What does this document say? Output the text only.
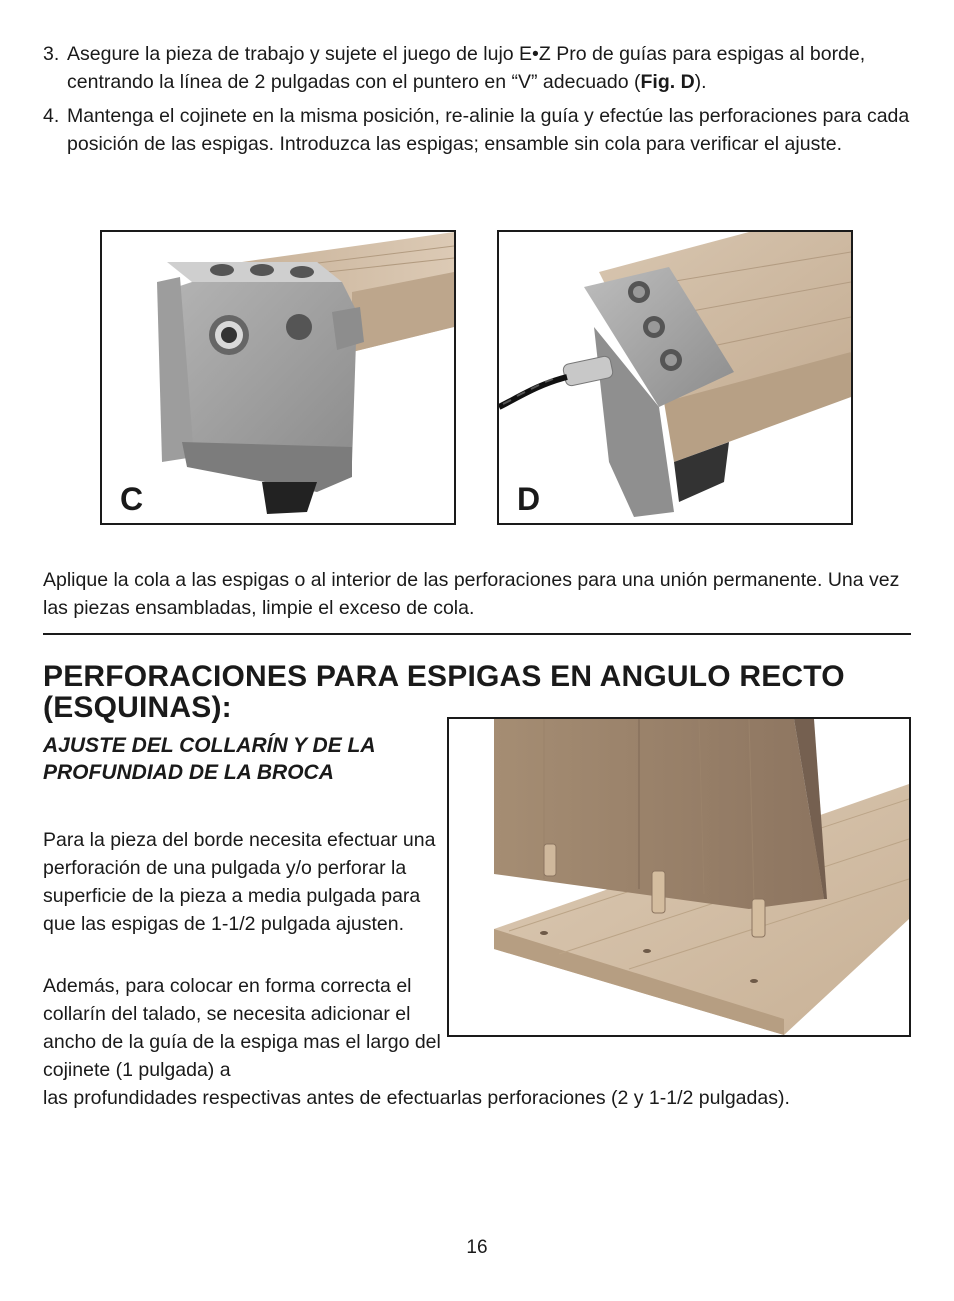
3. Asegure la pieza de trabajo y sujete el juego de lujo E•Z Pro de guías para espigas al borde, centrando la línea de 2 pulgadas con el puntero en “V” adecuado (Fig. D).
4. Mantenga el cojinete en la misma posición, re-alinie la guía y efectúe las perforaciones para cada posición de las espigas. Introduzca las espigas; ensamble sin cola para verificar el ajuste.
C	D

Aplique la cola a las espigas o al interior de las perforaciones para una unión permanente. Una vez las piezas ensambladas, limpie el exceso de cola.

PERFORACIONES PARA ESPIGAS EN ANGULO RECTO (ESQUINAS):
AJUSTE DEL COLLARÍN Y DE LA PROFUNDIAD DE LA BROCA

Para la pieza del borde necesita efectuar una perforación de una pulgada y/o perforar la superficie de la pieza a media pulgada para que las espigas de 1-1/2 pulgada ajusten.

Además, para colocar en forma correcta el collarín del talado, se necesita adicionar el ancho de la guía de la espiga mas el largo del cojinete (1 pulgada) a

las profundidades respectivas antes de efectuarlas perforaciones (2 y 1-1/2 pulgadas).

16
